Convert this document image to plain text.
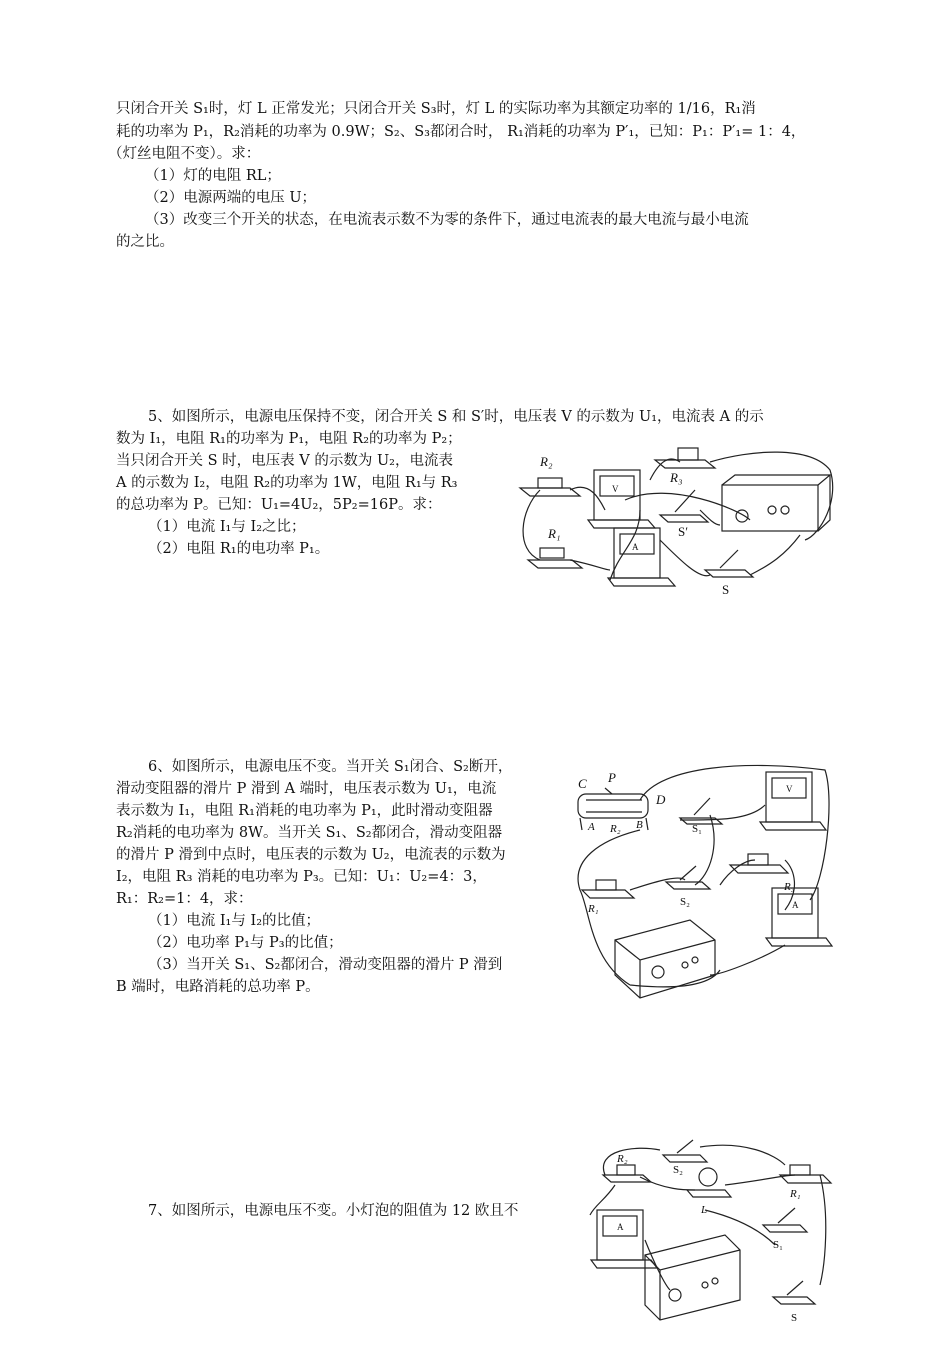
只闭合开关 S₁时，灯 L 正常发光；只闭合开关 S₃时，灯 L 的实际功率为其额定功率的 1/16，R₁消
耗的功率为 P₁，R₂消耗的功率为 0.9W；S₂、S₃都闭合时， R₁消耗的功率为 P′₁，已知：P₁：P′₁= 1：4，
（灯丝电阻不变）。求：
（1）灯的电阻 RL；
（2）电源两端的电压 U；
（3）改变三个开关的状态，在电流表示数不为零的条件下，通过电流表的最大电流与最小电流
的之比。
5、如图所示，电源电压保持不变，闭合开关 S 和 S′时，电压表 V 的示数为 U₁，电流表 A 的示
数为 I₁，电阻 R₁的功率为 P₁，电阻 R₂的功率为 P₂；
当只闭合开关 S 时，电压表 V 的示数为 U₂，电流表
A 的示数为 I₂，电阻 R₂的功率为 1W，电阻 R₁与 R₃
的总功率为 P。已知：U₁=4U₂，5P₂=16P。求：
（1）电流 I₁与 I₂之比；
（2）电阻 R₁的电功率 P₁。
R₂
R₃
R₁	S′
S
V
A
6、如图所示，电源电压不变。当开关 S₁闭合、S₂断开，
滑动变阻器的滑片 P 滑到 A 端时，电压表示数为 U₁，电流
表示数为 I₁，电阻 R₁消耗的电功率为 P₁，此时滑动变阻器
R₂消耗的电功率为 8W。当开关 S₁、S₂都闭合，滑动变阻器
的滑片 P 滑到中点时，电压表的示数为 U₂，电流表的示数为
I₂，电阻 R₃ 消耗的电功率为 P₃。已知：U₁：U₂=4：3，
R₁：R₂=1：4，求：
（1）电流 I₁与 I₂的比值；
（2）电功率 P₁与 P₃的比值；
（3）当开关 S₁、S₂都闭合，滑动变阻器的滑片 P 滑到
B 端时，电路消耗的总功率 P。
C P
D
A R₂ B	S₁
R₃
R₁
S₂
V
A
7、如图所示，电源电压不变。小灯泡的阻值为 12 欧且不
R₂
S₂
L
R₁
S₁
S
A
